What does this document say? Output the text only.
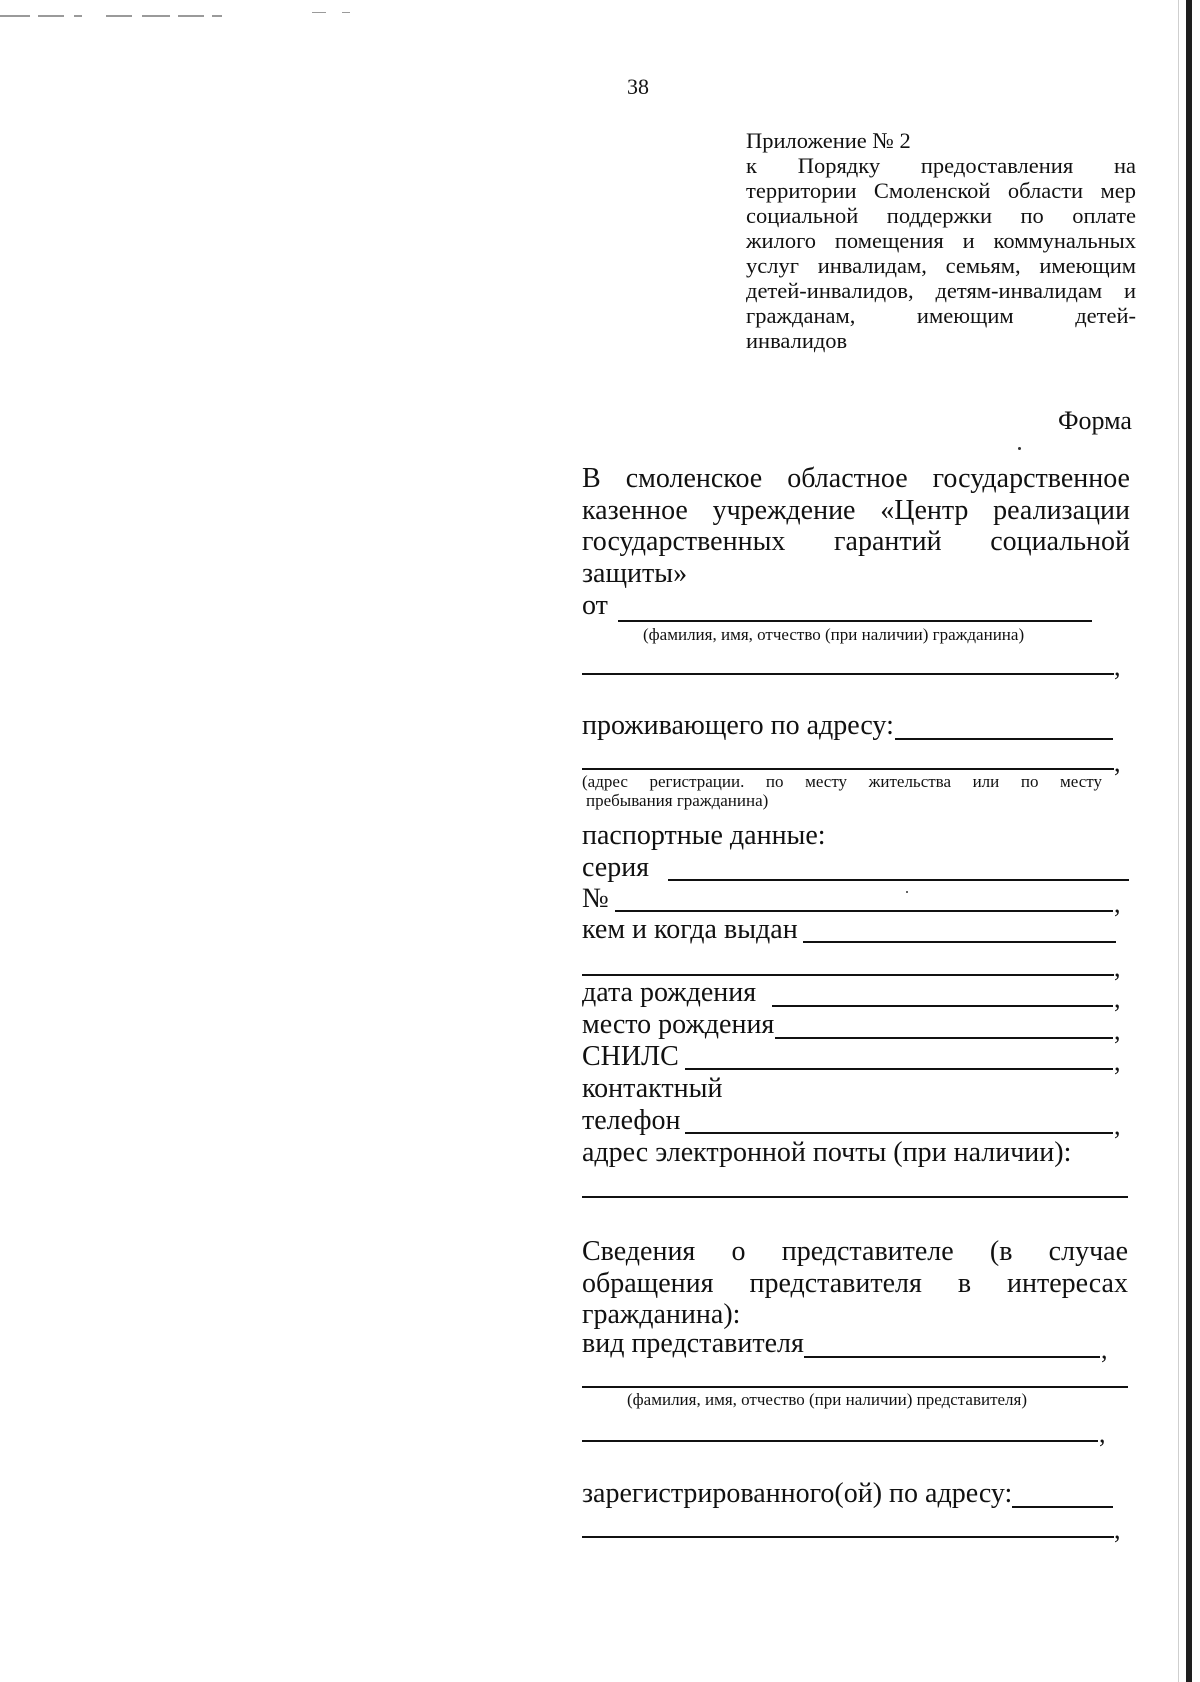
38
Приложение № 2
к Порядку предоставления на
территории Смоленской области мер
социальной поддержки по оплате
жилого помещения и коммунальных
услуг инвалидам, семьям, имеющим
детей-инвалидов, детям-инвалидам и
гражданам, имеющим детей-
инвалидов
Форма
В смоленское областное государственное
казенное учреждение «Центр реализации
государственных гарантий социальной
защиты»
от
(фамилия, имя, отчество (при наличии) гражданина)
,
проживающего по адресу:
,
(адрес регистрации. по месту жительства или по месту
пребывания гражданина)
паспортные данные:
серия
№	,
кем и когда выдан
,
дата рождения	,
место рождения	,
СНИЛС	,
контактный
телефон	,
адрес электронной почты (при наличии):
Сведения о представителе (в случае
обращения представителя в интересах
гражданина):
вид представителя	,
(фамилия, имя, отчество (при наличии) представителя)
,
зарегистрированного(ой) по адресу:
,
